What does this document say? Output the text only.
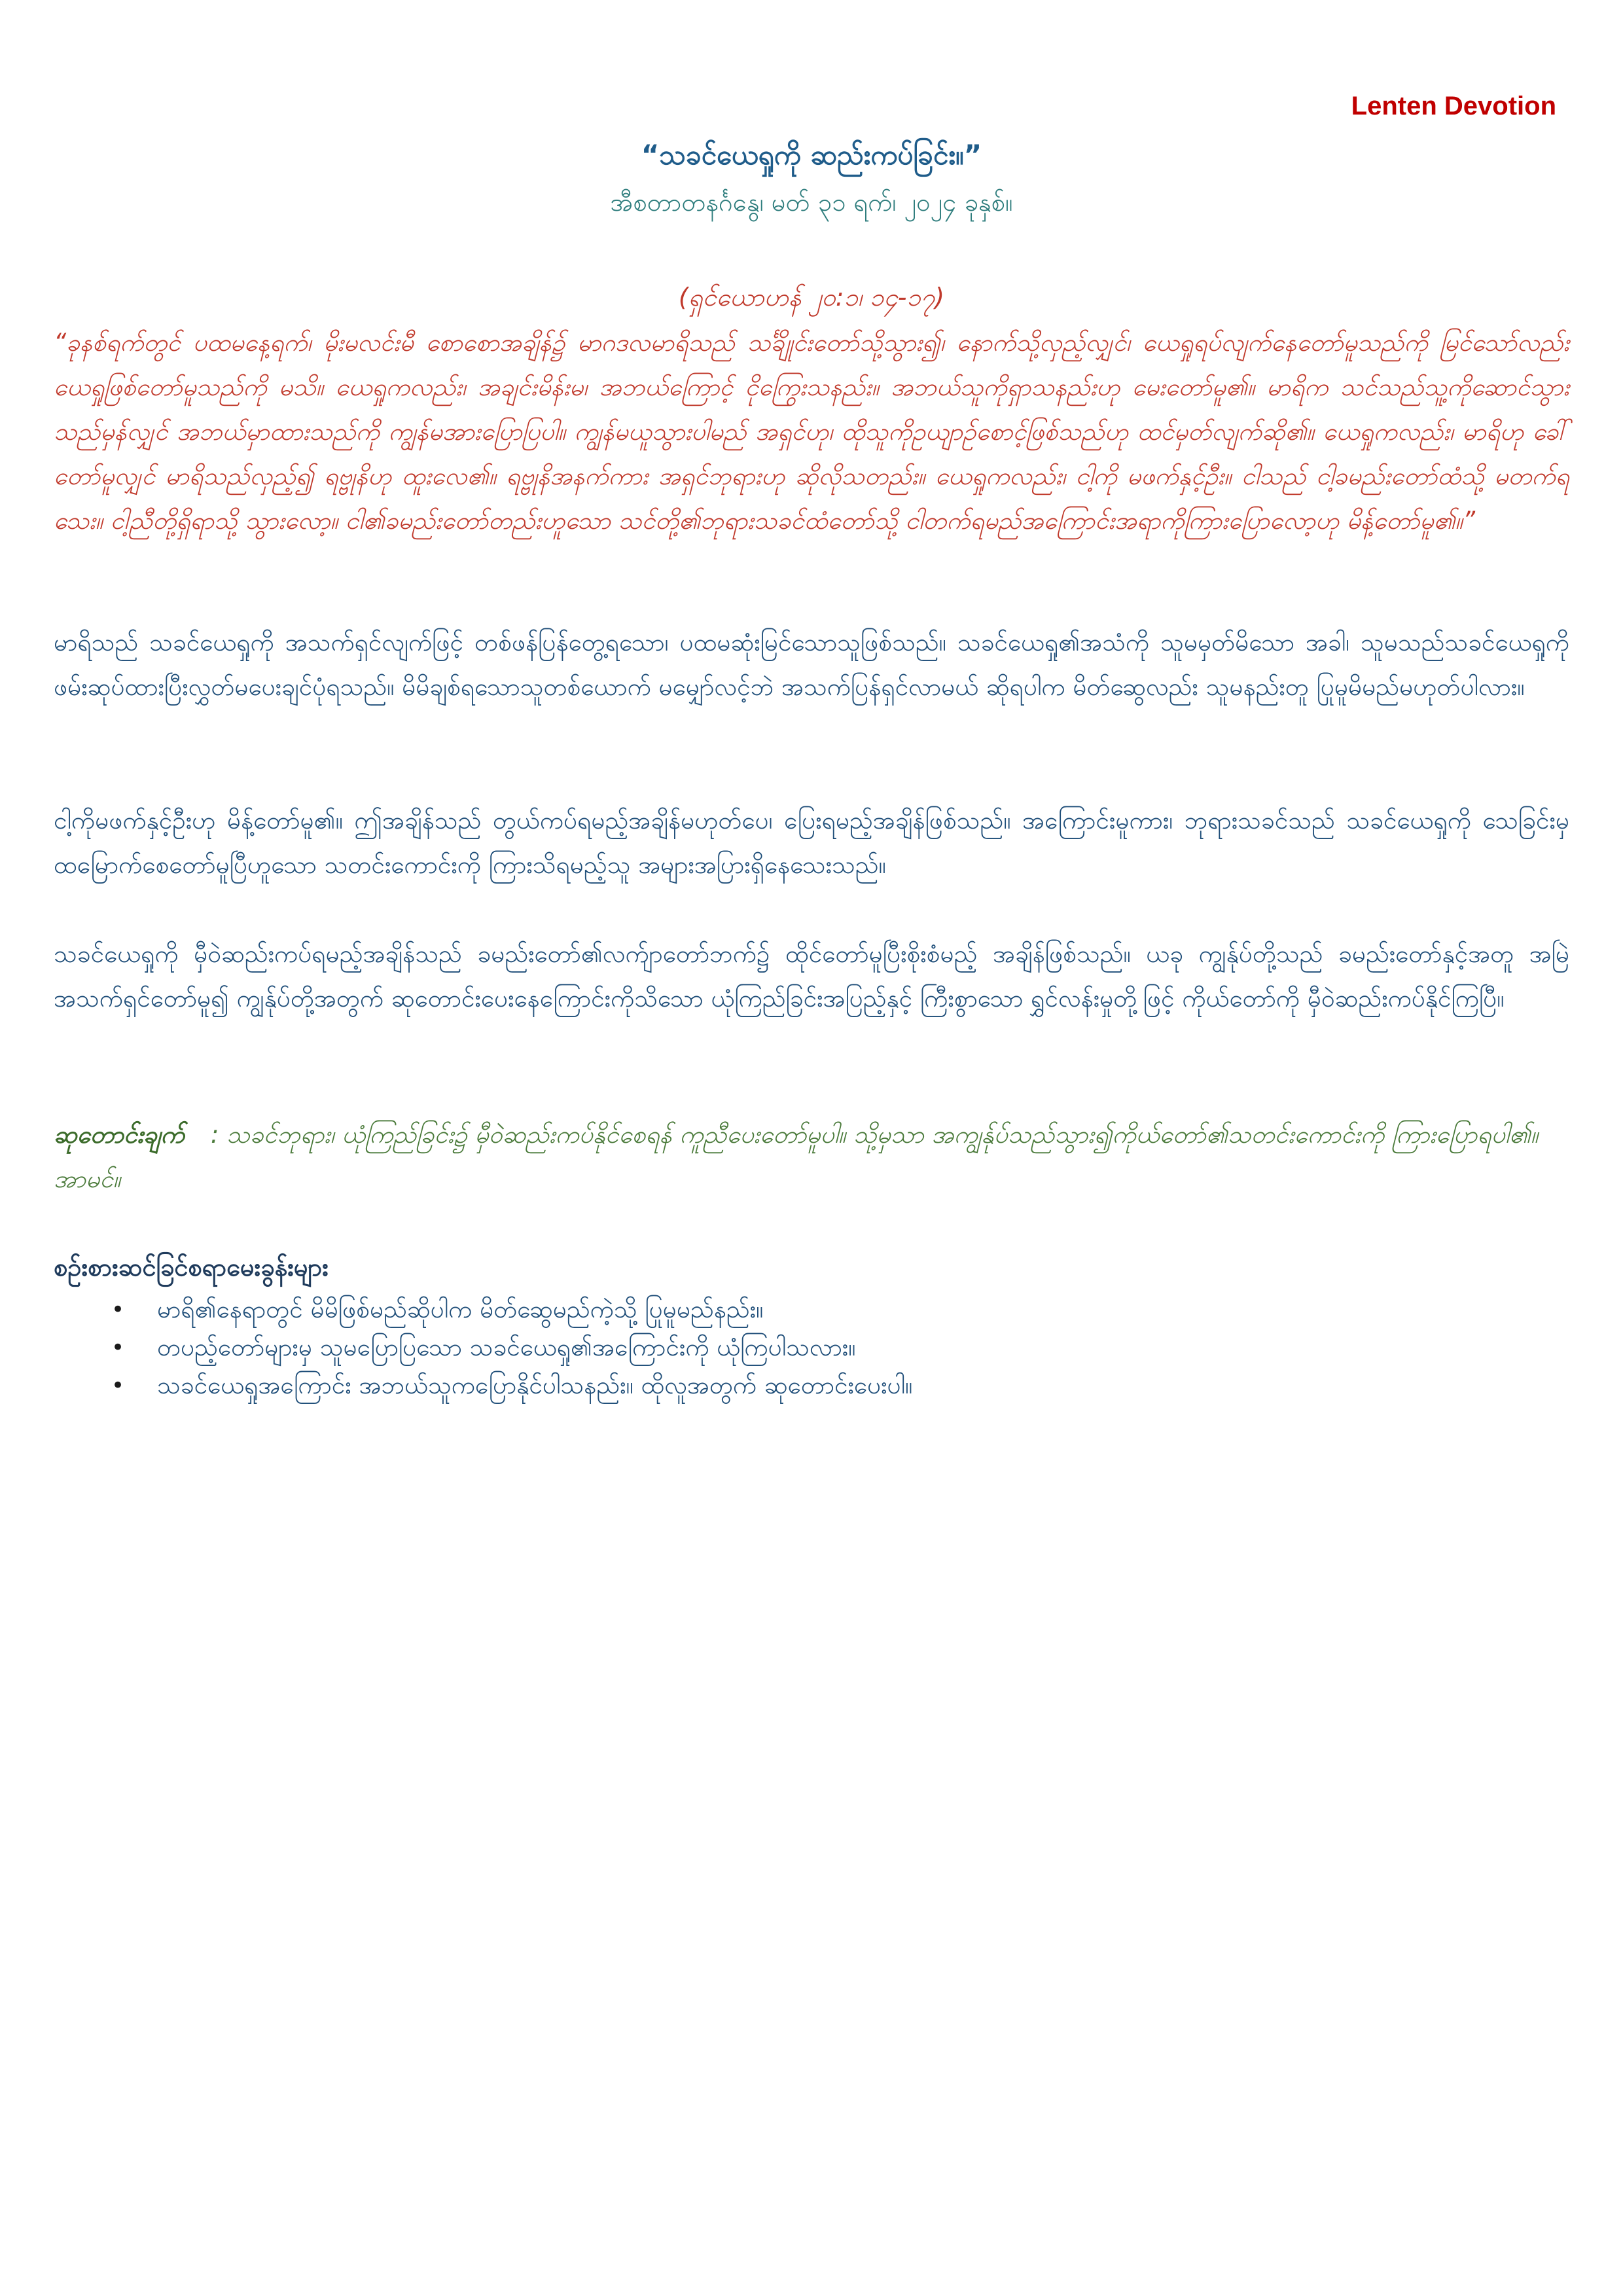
Lenten Devotion
“သခင်ယေရှုကို ဆည်းကပ်ခြင်း။”
အီစတာတနင်္ဂနွေ၊ မတ် ၃၁ ရက်၊ ၂၀၂၄ ခုနှစ်။
(ရှင်ယောဟန် ၂၀:၁၊ ၁၄-၁၇)
“ခုနစ်ရက်တွင် ပထမနေ့ရက်၊ မိုးမလင်းမီ စောစောအချိန်၌ မာဂဒလမာရိသည် သင်္ချိုင်းတော်သို့သွား၍၊ နောက်သို့လှည့်လျှင်၊ ယေရှုရပ်လျက်နေတော်မူသည်ကို မြင်သော်လည်း ယေရှုဖြစ်တော်မူသည်ကို မသိ။ ယေရှုကလည်း၊ အချင်းမိန်းမ၊ အဘယ်ကြောင့် ငိုကြွေးသနည်း။ အဘယ်သူကိုရှာသနည်းဟု မေးတော်မူ၏။ မာရိက သင်သည်သူ့ကိုဆောင်သွားသည်မှန်လျှင် အဘယ်မှာထားသည်ကို ကျွန်မအားပြောပြပါ။ ကျွန်မယူသွားပါမည် အရှင်ဟု၊ ထိုသူကိုဥယျာဉ်စောင့်ဖြစ်သည်ဟု ထင်မှတ်လျက်ဆို၏။ ယေရှုကလည်း၊ မာရိဟု ခေါ်တော်မူလျှင် မာရိသည်လှည့်၍ ရဗ္ဗုနိဟု ထူးလေ၏။ ရဗ္ဗုနိအနက်ကား အရှင်ဘုရားဟု ဆိုလိုသတည်း။ ယေရှုကလည်း၊ ငါ့ကို မဖက်နှင့်ဦး။ ငါသည် ငါ့ခမည်းတော်ထံသို့ မတက်ရသေး။ ငါ့ညီတို့ရှိရာသို့ သွားလော့။ ငါ၏ခမည်းတော်တည်းဟူသော သင်တို့၏ဘုရားသခင်ထံတော်သို့ ငါတက်ရမည်အကြောင်းအရာကိုကြားပြောလော့ဟု မိန့်တော်မူ၏။”
မာရိသည် သခင်ယေရှုကို အသက်ရှင်လျက်ဖြင့် တစ်ဖန်ပြန်တွေ့ရသော၊ ပထမဆုံးမြင်သောသူဖြစ်သည်။ သခင်ယေရှု၏အသံကို သူမမှတ်မိသော အခါ၊ သူမသည်သခင်ယေရှုကို ဖမ်းဆုပ်ထားပြီးလွှတ်မပေးချင်ပုံရသည်။ မိမိချစ်ရသောသူတစ်ယောက် မမျှော်လင့်ဘဲ အသက်ပြန်ရှင်လာမယ် ဆိုရပါက မိတ်ဆွေလည်း သူမနည်းတူ ပြုမူမိမည်မဟုတ်ပါလား။
ငါ့ကိုမဖက်နှင့်ဦးဟု မိန့်တော်မူ၏။ ဤအချိန်သည် တွယ်ကပ်ရမည့်အချိန်မဟုတ်ပေ၊ ပြေးရမည့်အချိန်ဖြစ်သည်။ အကြောင်းမူကား၊ ဘုရားသခင်သည် သခင်ယေရှုကို သေခြင်းမှ ထမြောက်စေတော်မူပြီဟူသော သတင်းကောင်းကို ကြားသိရမည့်သူ အများအပြားရှိနေသေးသည်။
သခင်ယေရှုကို မှီဝဲဆည်းကပ်ရမည့်အချိန်သည် ခမည်းတော်၏လက်ျာတော်ဘက်၌ ထိုင်တော်မူပြီးစိုးစံမည့် အချိန်ဖြစ်သည်။ ယခု ကျွန်ုပ်တို့သည် ခမည်းတော်နှင့်အတူ အမြဲအသက်ရှင်တော်မူ၍ ကျွန်ုပ်တို့အတွက် ဆုတောင်းပေးနေကြောင်းကိုသိသော ယုံကြည်ခြင်းအပြည့်နှင့် ကြီးစွာသော ရွှင်လန်းမှုတို့ဖြင့် ကိုယ်တော်ကို မှီဝဲဆည်းကပ်နိုင်ကြပြီ။
ဆုတောင်းချက် : သခင်ဘုရား၊ ယုံကြည်ခြင်း၌ မှီဝဲဆည်းကပ်နိုင်စေရန် ကူညီပေးတော်မူပါ။ သို့မှသာ အကျွန်ုပ်သည်သွား၍ကိုယ်တော်၏သတင်းကောင်းကို ကြားပြောရပါ၏။ အာမင်။
စဉ်းစားဆင်ခြင်စရာမေးခွန်းများ
• မာရိ၏နေရာတွင် မိမိဖြစ်မည်ဆိုပါက မိတ်ဆွေမည်ကဲ့သို့ ပြုမူမည်နည်း။
• တပည့်တော်များမှ သူမပြောပြသော သခင်ယေရှု၏အကြောင်းကို ယုံကြပါသလား။
• သခင်ယေရှုအကြောင်း အဘယ်သူကပြောနိုင်ပါသနည်း။ ထိုလူအတွက် ဆုတောင်းပေးပါ။
